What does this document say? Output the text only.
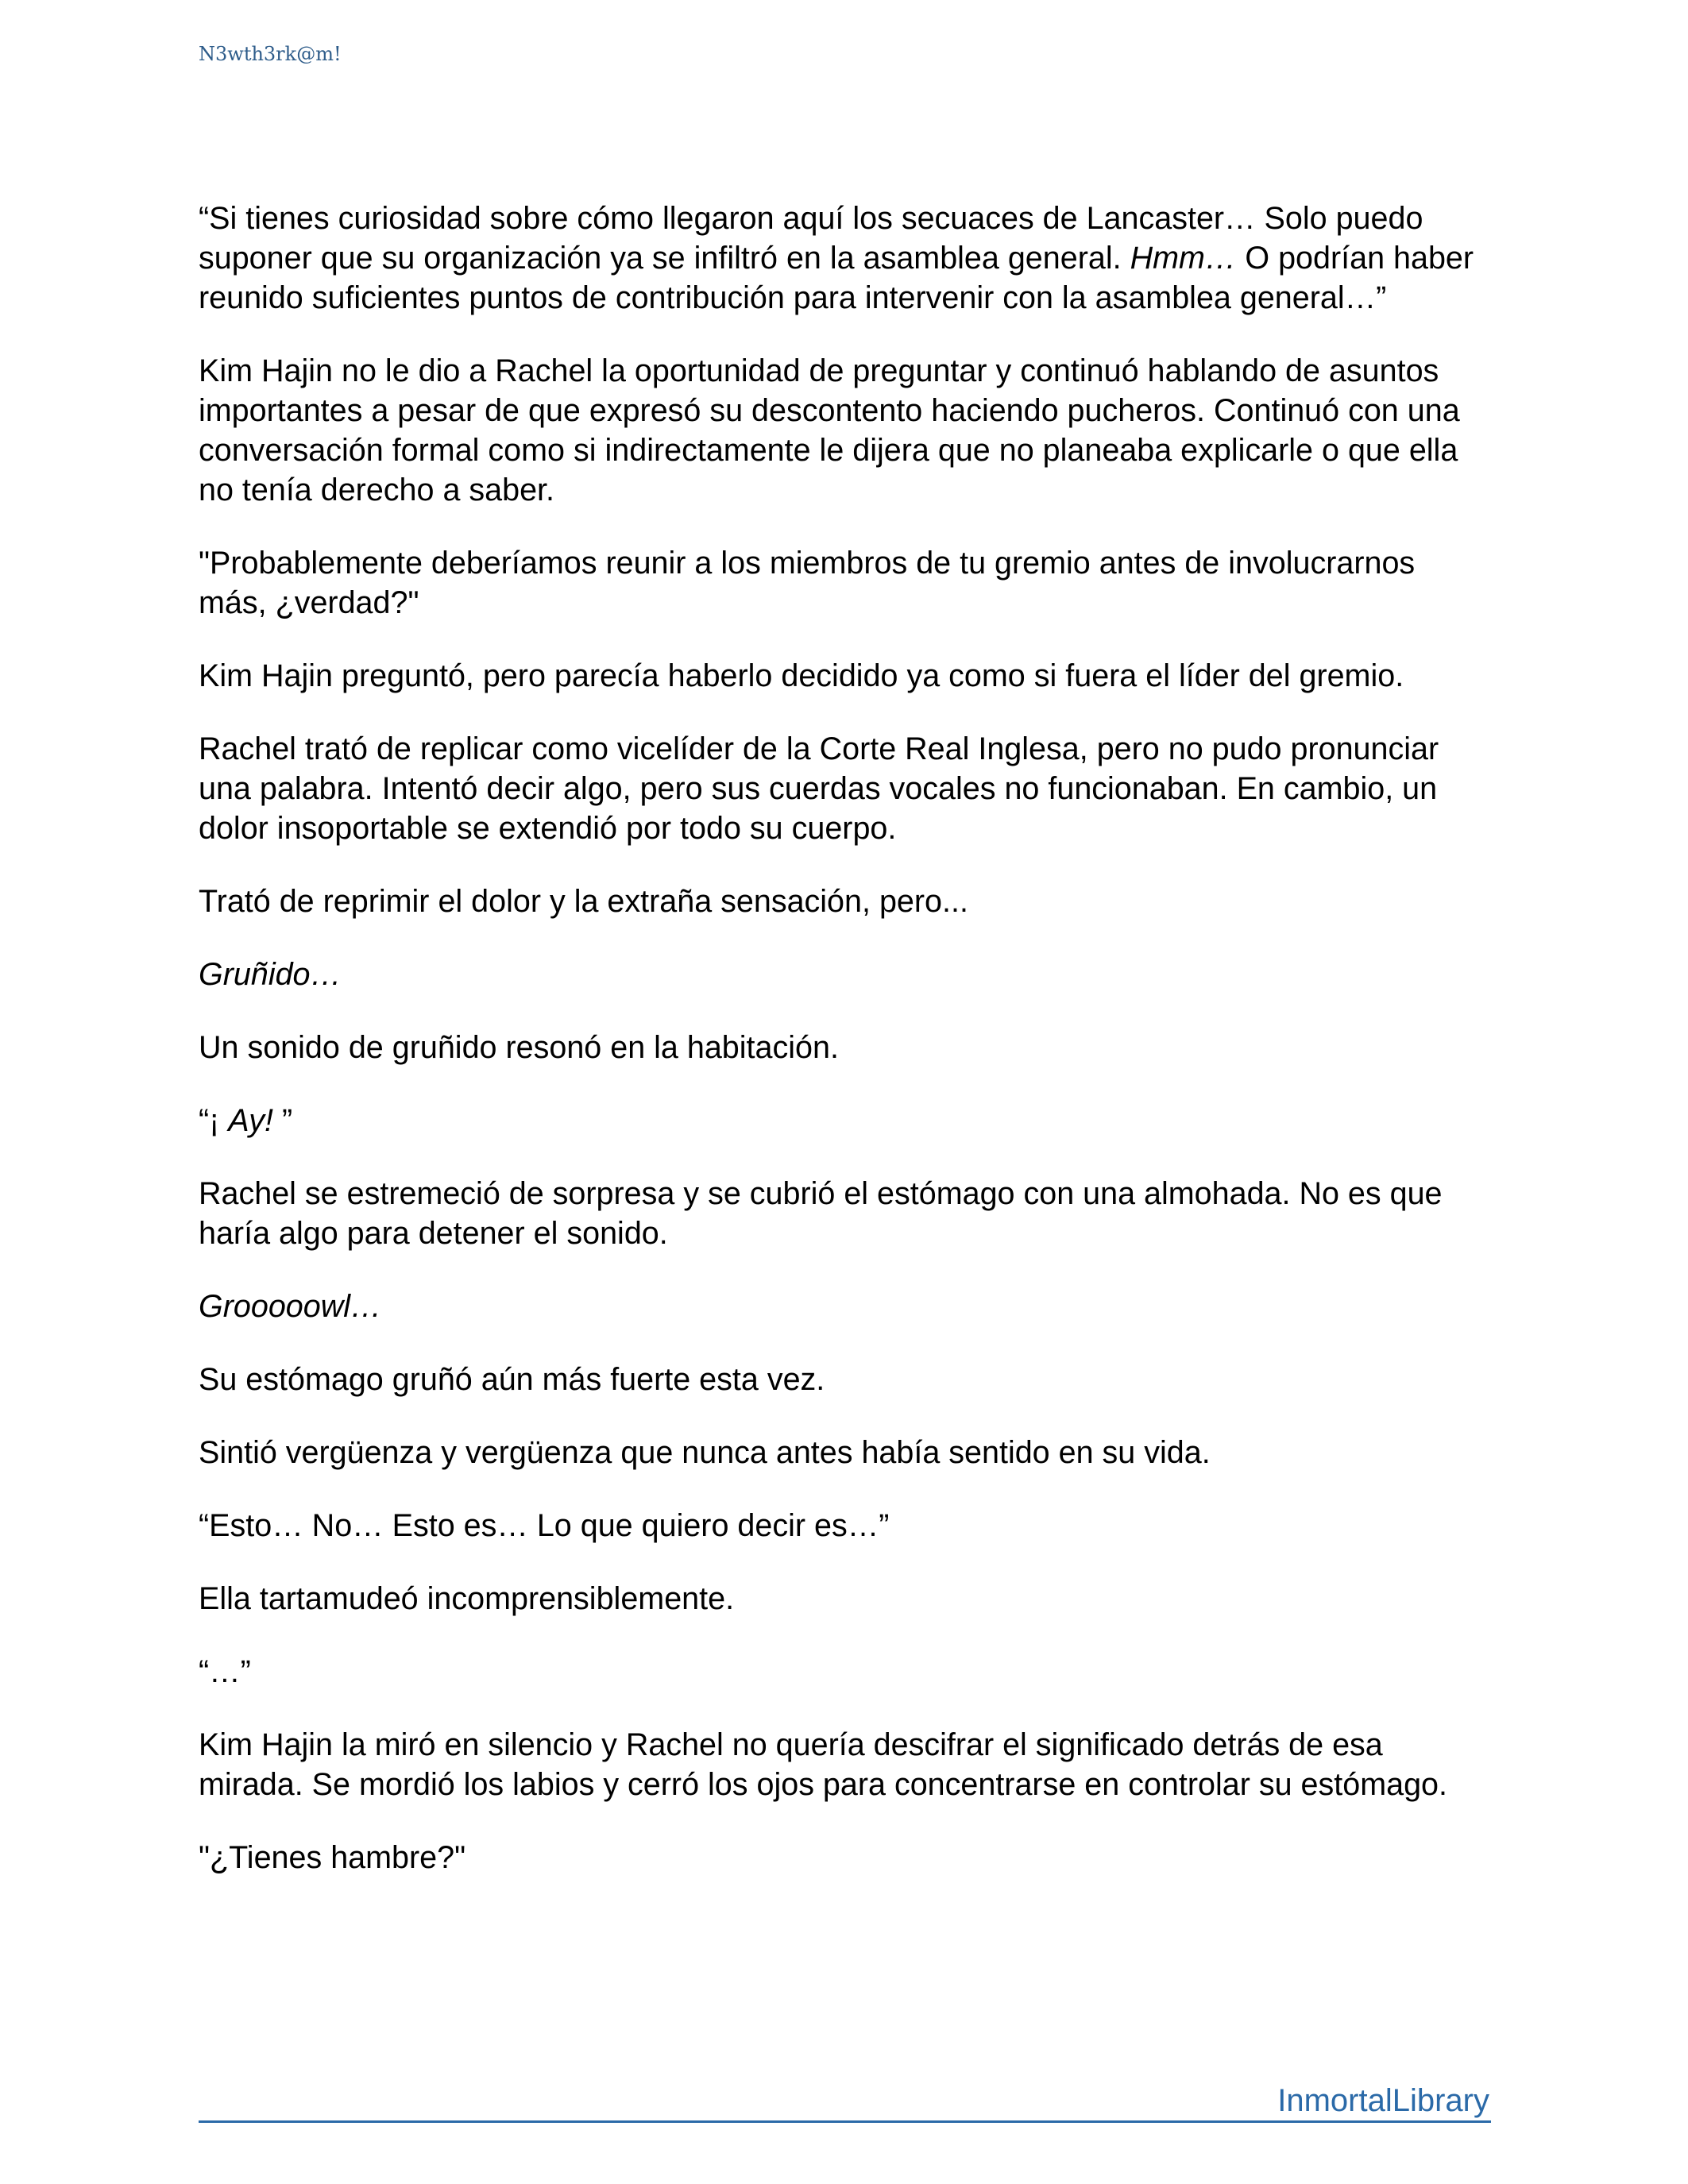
N3wth3rk@m!

“Si tienes curiosidad sobre cómo llegaron aquí los secuaces de Lancaster… Solo puedo suponer que su organización ya se infiltró en la asamblea general. Hmm… O podrían haber reunido suficientes puntos de contribución para intervenir con la asamblea general…”

Kim Hajin no le dio a Rachel la oportunidad de preguntar y continuó hablando de asuntos importantes a pesar de que expresó su descontento haciendo pucheros. Continuó con una conversación formal como si indirectamente le dijera que no planeaba explicarle o que ella no tenía derecho a saber.

"Probablemente deberíamos reunir a los miembros de tu gremio antes de involucrarnos más, ¿verdad?"

Kim Hajin preguntó, pero parecía haberlo decidido ya como si fuera el líder del gremio.

Rachel trató de replicar como vicelíder de la Corte Real Inglesa, pero no pudo pronunciar una palabra. Intentó decir algo, pero sus cuerdas vocales no funcionaban. En cambio, un dolor insoportable se extendió por todo su cuerpo.

Trató de reprimir el dolor y la extraña sensación, pero...

Gruñido…

Un sonido de gruñido resonó en la habitación.

“¡ Ay! ”

Rachel se estremeció de sorpresa y se cubrió el estómago con una almohada. No es que haría algo para detener el sonido.

Grooooowl…

Su estómago gruñó aún más fuerte esta vez.

Sintió vergüenza y vergüenza que nunca antes había sentido en su vida.

“Esto… No… Esto es… Lo que quiero decir es…”

Ella tartamudeó incomprensiblemente.

“…”

Kim Hajin la miró en silencio y Rachel no quería descifrar el significado detrás de esa mirada. Se mordió los labios y cerró los ojos para concentrarse en controlar su estómago.

"¿Tienes hambre?"

InmortalLibrary
